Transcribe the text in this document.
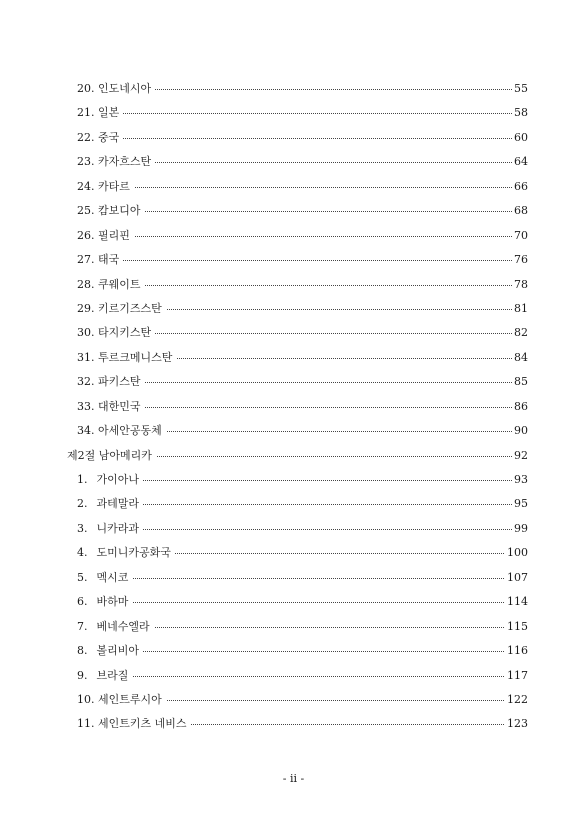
20. 인도네시아	55
21. 일본	58
22. 중국	60
23. 카자흐스탄	64
24. 카타르	66
25. 캄보디아	68
26. 필리핀	70
27. 태국	76
28. 쿠웨이트	78
29. 키르기즈스탄	81
30. 타지키스탄	82
31. 투르크메니스탄	84
32. 파키스탄	85
33. 대한민국	86
34. 아세안공동체	90
제2절 남아메리카	92
1. 가이아나	93
2. 과테말라	95
3. 니카라과	99
4. 도미니카공화국	100
5. 멕시코	107
6. 바하마	114
7. 베네수엘라	115
8. 볼리비아	116
9. 브라질	117
10. 세인트루시아	122
11. 세인트키츠 네비스	123
- ii -
